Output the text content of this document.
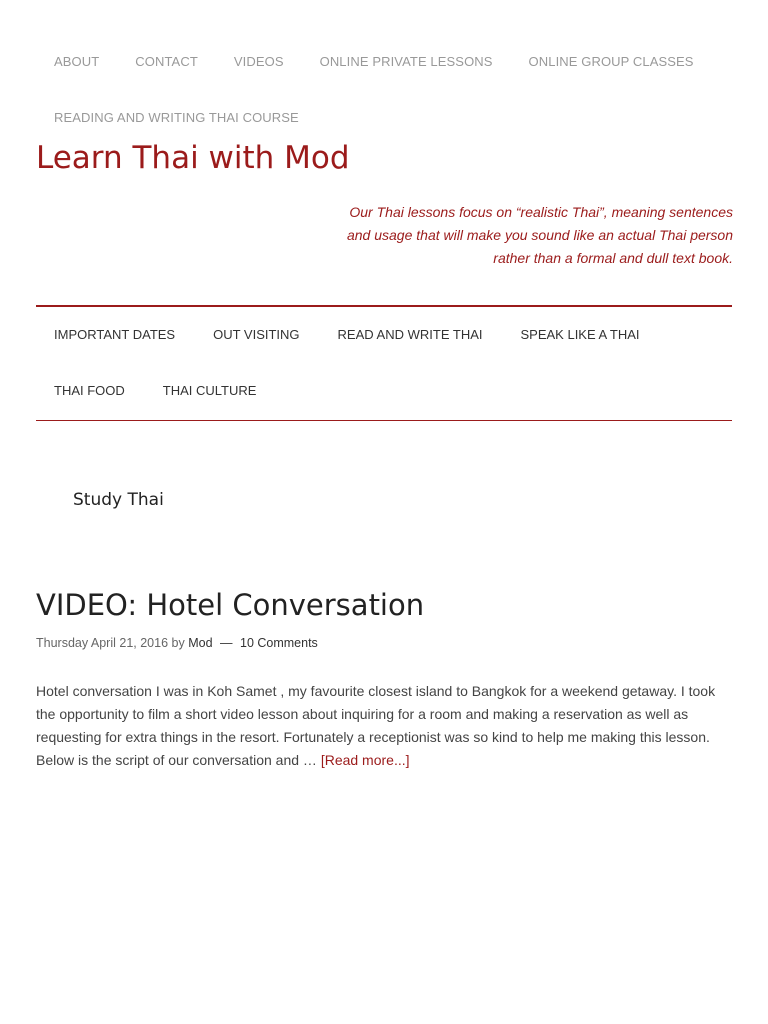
ABOUT	CONTACT	VIDEOS	ONLINE PRIVATE LESSONS	ONLINE GROUP CLASSES
READING AND WRITING THAI COURSE
Learn Thai with Mod

Our Thai lessons focus on “realistic Thai”, meaning sentences and usage that will make you sound like an actual Thai person rather than a formal and dull text book.

IMPORTANT DATES	OUT VISITING	READ AND WRITE THAI	SPEAK LIKE A THAI
THAI FOOD	THAI CULTURE
Study Thai
VIDEO: Hotel Conversation
Thursday April 21, 2016 by Mod — 10 Comments

Hotel conversation I was in Koh Samet , my favourite closest island to Bangkok for a weekend getaway. I took the opportunity to film a short video lesson about inquiring for a room and making a reservation as well as requesting for extra things in the resort. Fortunately a receptionist was so kind to help me making this lesson. Below is the script of our conversation and … [Read more...]
